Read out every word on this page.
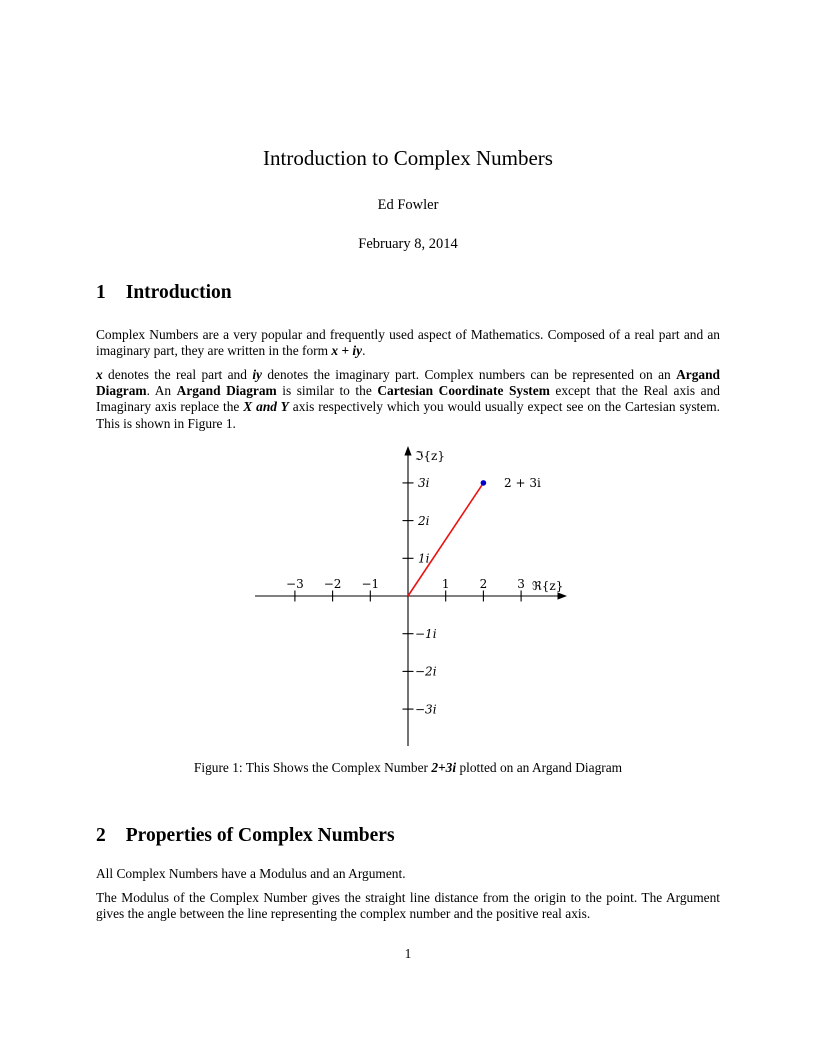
Introduction to Complex Numbers
Ed Fowler
February 8, 2014
1 Introduction

Complex Numbers are a very popular and frequently used aspect of Mathematics. Composed of a real part and an imaginary part, they are written in the form x + iy.

x denotes the real part and iy denotes the imaginary part. Complex numbers can be represented on an Argand Diagram. An Argand Diagram is similar to the Cartesian Coordinate System except that the Real axis and Imaginary axis replace the X and Y axis respectively which you would usually expect see on the Cartesian system. This is shown in Figure 1.

ℑ{z}
ℜ{z}
−3 −2 −1	1	2	3
3i
2i
1i
−1i
−2i
−3i
2 + 3i
Figure 1: This Shows the Complex Number 2+3i plotted on an Argand Diagram
2 Properties of Complex Numbers

All Complex Numbers have a Modulus and an Argument.

The Modulus of the Complex Number gives the straight line distance from the origin to the point. The Argument gives the angle between the line representing the complex number and the positive real axis.

1
